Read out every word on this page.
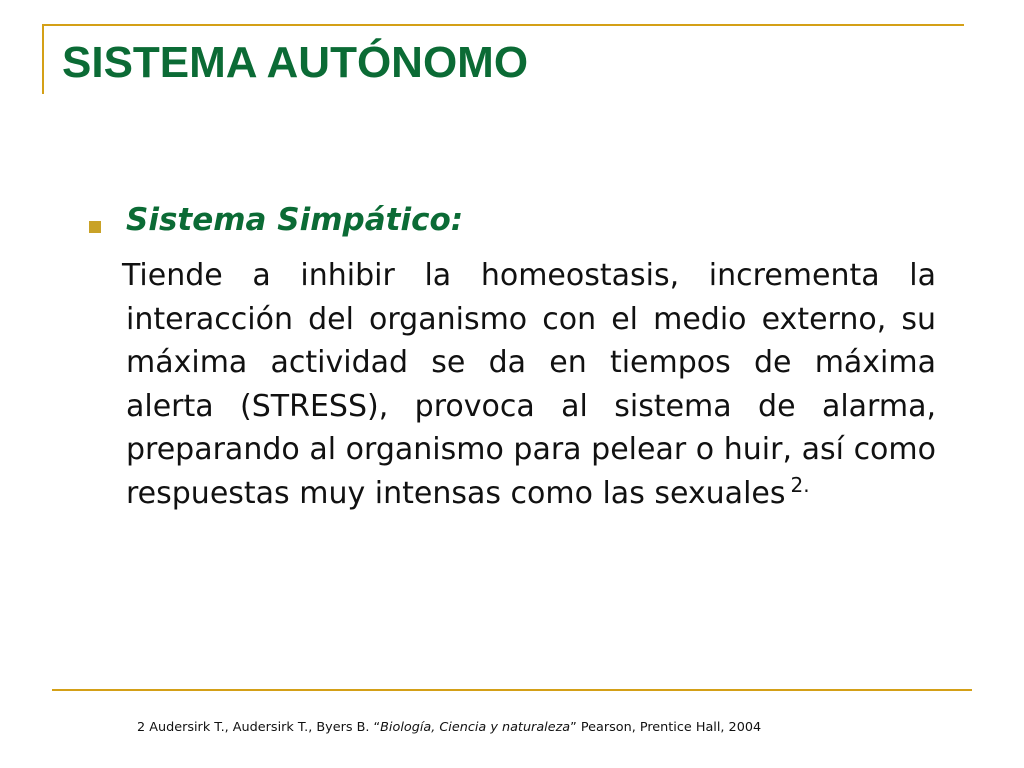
SISTEMA AUTÓNOMO
Sistema Simpático:

Tiende a inhibir la homeostasis, incrementa la interacción del organismo con el medio externo, su máxima actividad se da en tiempos de máxima alerta (STRESS), provoca al sistema de alarma, preparando al organismo para pelear o huir, así como respuestas muy intensas como las sexuales $^{2.}$

2 Audersirk T., Audersirk T., Byers B. “Biología, Ciencia y naturaleza” Pearson, Prentice Hall, 2004
